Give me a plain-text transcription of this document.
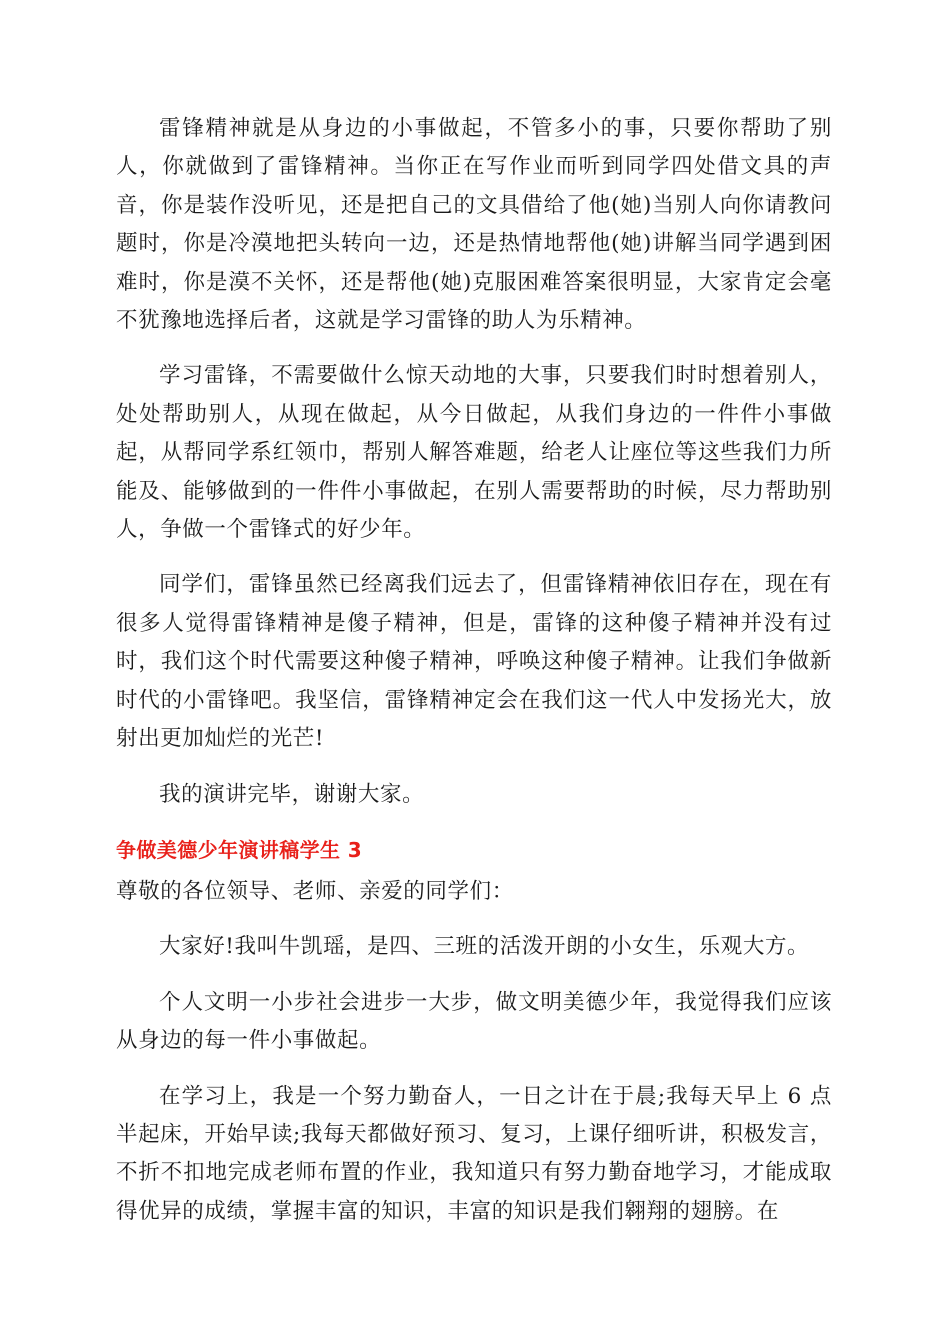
雷锋精神就是从身边的小事做起，不管多小的事，只要你帮助了别人，你就做到了雷锋精神。当你正在写作业而听到同学四处借文具的声音，你是装作没听见，还是把自己的文具借给了他(她)当别人向你请教问题时，你是冷漠地把头转向一边，还是热情地帮他(她)讲解当同学遇到困难时，你是漠不关怀，还是帮他(她)克服困难答案很明显，大家肯定会毫不犹豫地选择后者，这就是学习雷锋的助人为乐精神。

学习雷锋，不需要做什么惊天动地的大事，只要我们时时想着别人，处处帮助别人，从现在做起，从今日做起，从我们身边的一件件小事做起，从帮同学系红领巾，帮别人解答难题，给老人让座位等这些我们力所能及、能够做到的一件件小事做起，在别人需要帮助的时候，尽力帮助别人，争做一个雷锋式的好少年。

同学们，雷锋虽然已经离我们远去了，但雷锋精神依旧存在，现在有很多人觉得雷锋精神是傻子精神，但是，雷锋的这种傻子精神并没有过时，我们这个时代需要这种傻子精神，呼唤这种傻子精神。让我们争做新时代的小雷锋吧。我坚信，雷锋精神定会在我们这一代人中发扬光大，放射出更加灿烂的光芒!

我的演讲完毕，谢谢大家。

争做美德少年演讲稿学生 3

尊敬的各位领导、老师、亲爱的同学们：

大家好!我叫牛凯瑶，是四、三班的活泼开朗的小女生，乐观大方。

个人文明一小步社会进步一大步，做文明美德少年，我觉得我们应该从身边的每一件小事做起。

在学习上，我是一个努力勤奋人，一日之计在于晨;我每天早上 6 点半起床，开始早读;我每天都做好预习、复习，上课仔细听讲，积极发言，不折不扣地完成老师布置的作业，我知道只有努力勤奋地学习，才能成取得优异的成绩，掌握丰富的知识，丰富的知识是我们翱翔的翅膀。在
